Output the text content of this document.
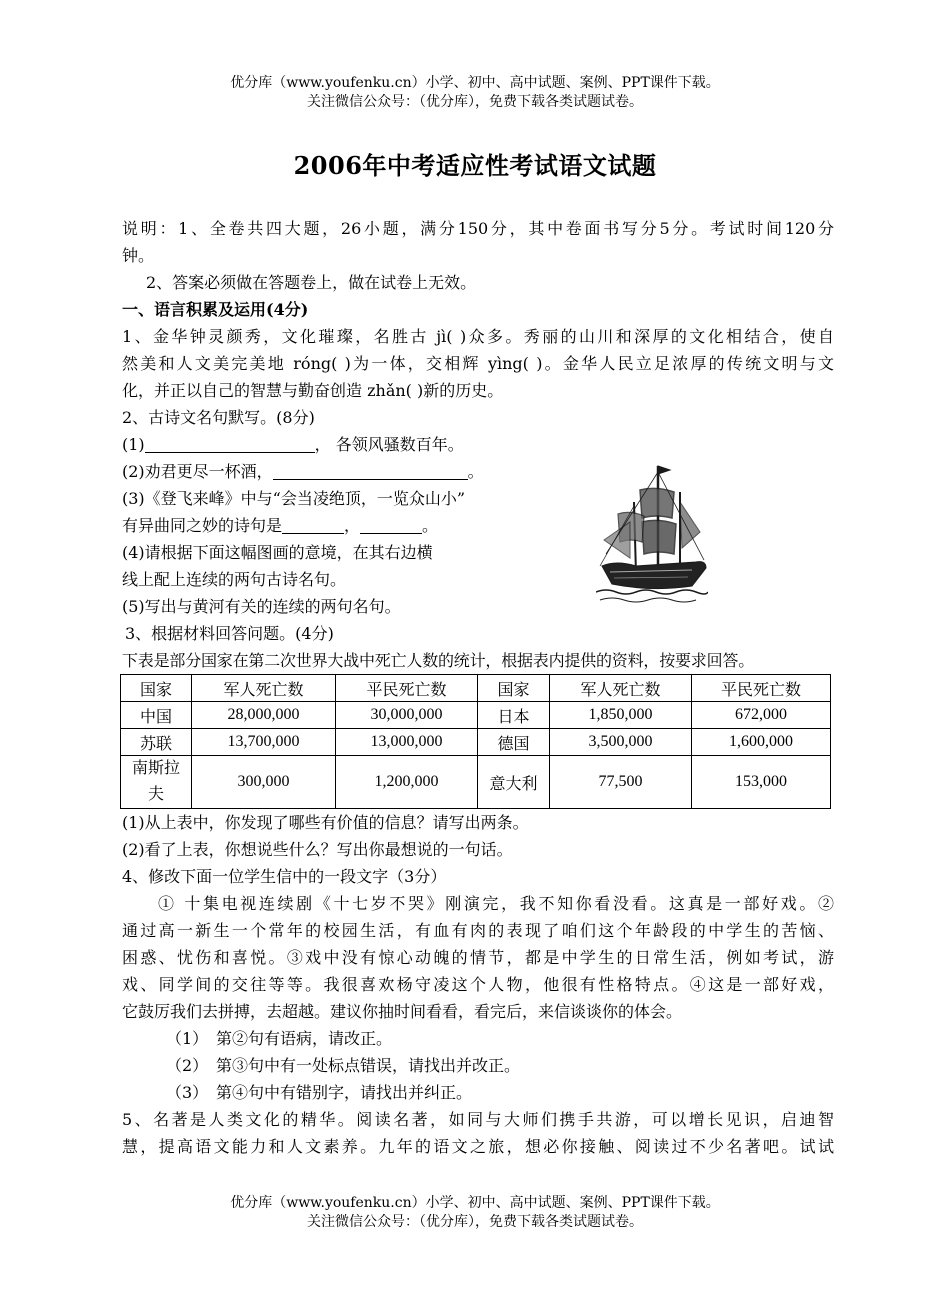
优分库（www.youfenku.cn）小学、初中、高中试题、案例、PPT课件下载。
关注微信公众号：（优分库），免费下载各类试题试卷。
2006年中考适应性考试语文试题
说明：1、全卷共四大题，26小题，满分150分，其中卷面书写分5分。考试时间120分
钟。
2、答案必须做在答题卷上，做在试卷上无效。
一、语言积累及运用(4分)
1、金华钟灵颜秀，文化璀璨，名胜古 jì( )众多。秀丽的山川和深厚的文化相结合，使自
然美和人文美完美地 róng( )为一体，交相辉 yìng( )。金华人民立足浓厚的传统文明与文
化，并正以自己的智慧与勤奋创造 zhǎn( )新的历史。
2、古诗文名句默写。(8分)
(1)	， 各领风骚数百年。
(2)劝君更尽一杯酒，	。
(3)《登飞来峰》中与“会当凌绝顶，一览众山小”
有异曲同之妙的诗句是	，	。
(4)请根据下面这幅图画的意境，在其右边横
线上配上连续的两句古诗名句。
(5)写出与黄河有关的连续的两句名句。
3、根据材料回答问题。(4分)
下表是部分国家在第二次世界大战中死亡人数的统计，根据表内提供的资料，按要求回答。
国家	军人死亡数	平民死亡数	国家	军人死亡数	平民死亡数
中国	28,000,000	30,000,000	日本	1,850,000	672,000
苏联	13,700,000	13,000,000	德国	3,500,000	1,600,000
南斯拉
夫	300,000	1,200,000	意大利	77,500	153,000
(1)从上表中，你发现了哪些有价值的信息？请写出两条。
(2)看了上表，你想说些什么？写出你最想说的一句话。
4、修改下面一位学生信中的一段文字（3分）
① 十集电视连续剧《十七岁不哭》刚演完，我不知你看没看。这真是一部好戏。②
通过高一新生一个常年的校园生活，有血有肉的表现了咱们这个年龄段的中学生的苦恼、
困惑、忧伤和喜悦。③戏中没有惊心动魄的情节，都是中学生的日常生活，例如考试，游
戏、同学间的交往等等。我很喜欢杨守凌这个人物，他很有性格特点。④这是一部好戏，
它鼓厉我们去拼搏，去超越。建议你抽时间看看，看完后，来信谈谈你的体会。
（1） 第②句有语病，请改正。
（2） 第③句中有一处标点错误，请找出并改正。
（3） 第④句中有错别字，请找出并纠正。
5、名著是人类文化的精华。阅读名著，如同与大师们携手共游，可以增长见识，启迪智
慧，提高语文能力和人文素养。九年的语文之旅，想必你接触、阅读过不少名著吧。试试
优分库（www.youfenku.cn）小学、初中、高中试题、案例、PPT课件下载。
关注微信公众号：（优分库），免费下载各类试题试卷。
